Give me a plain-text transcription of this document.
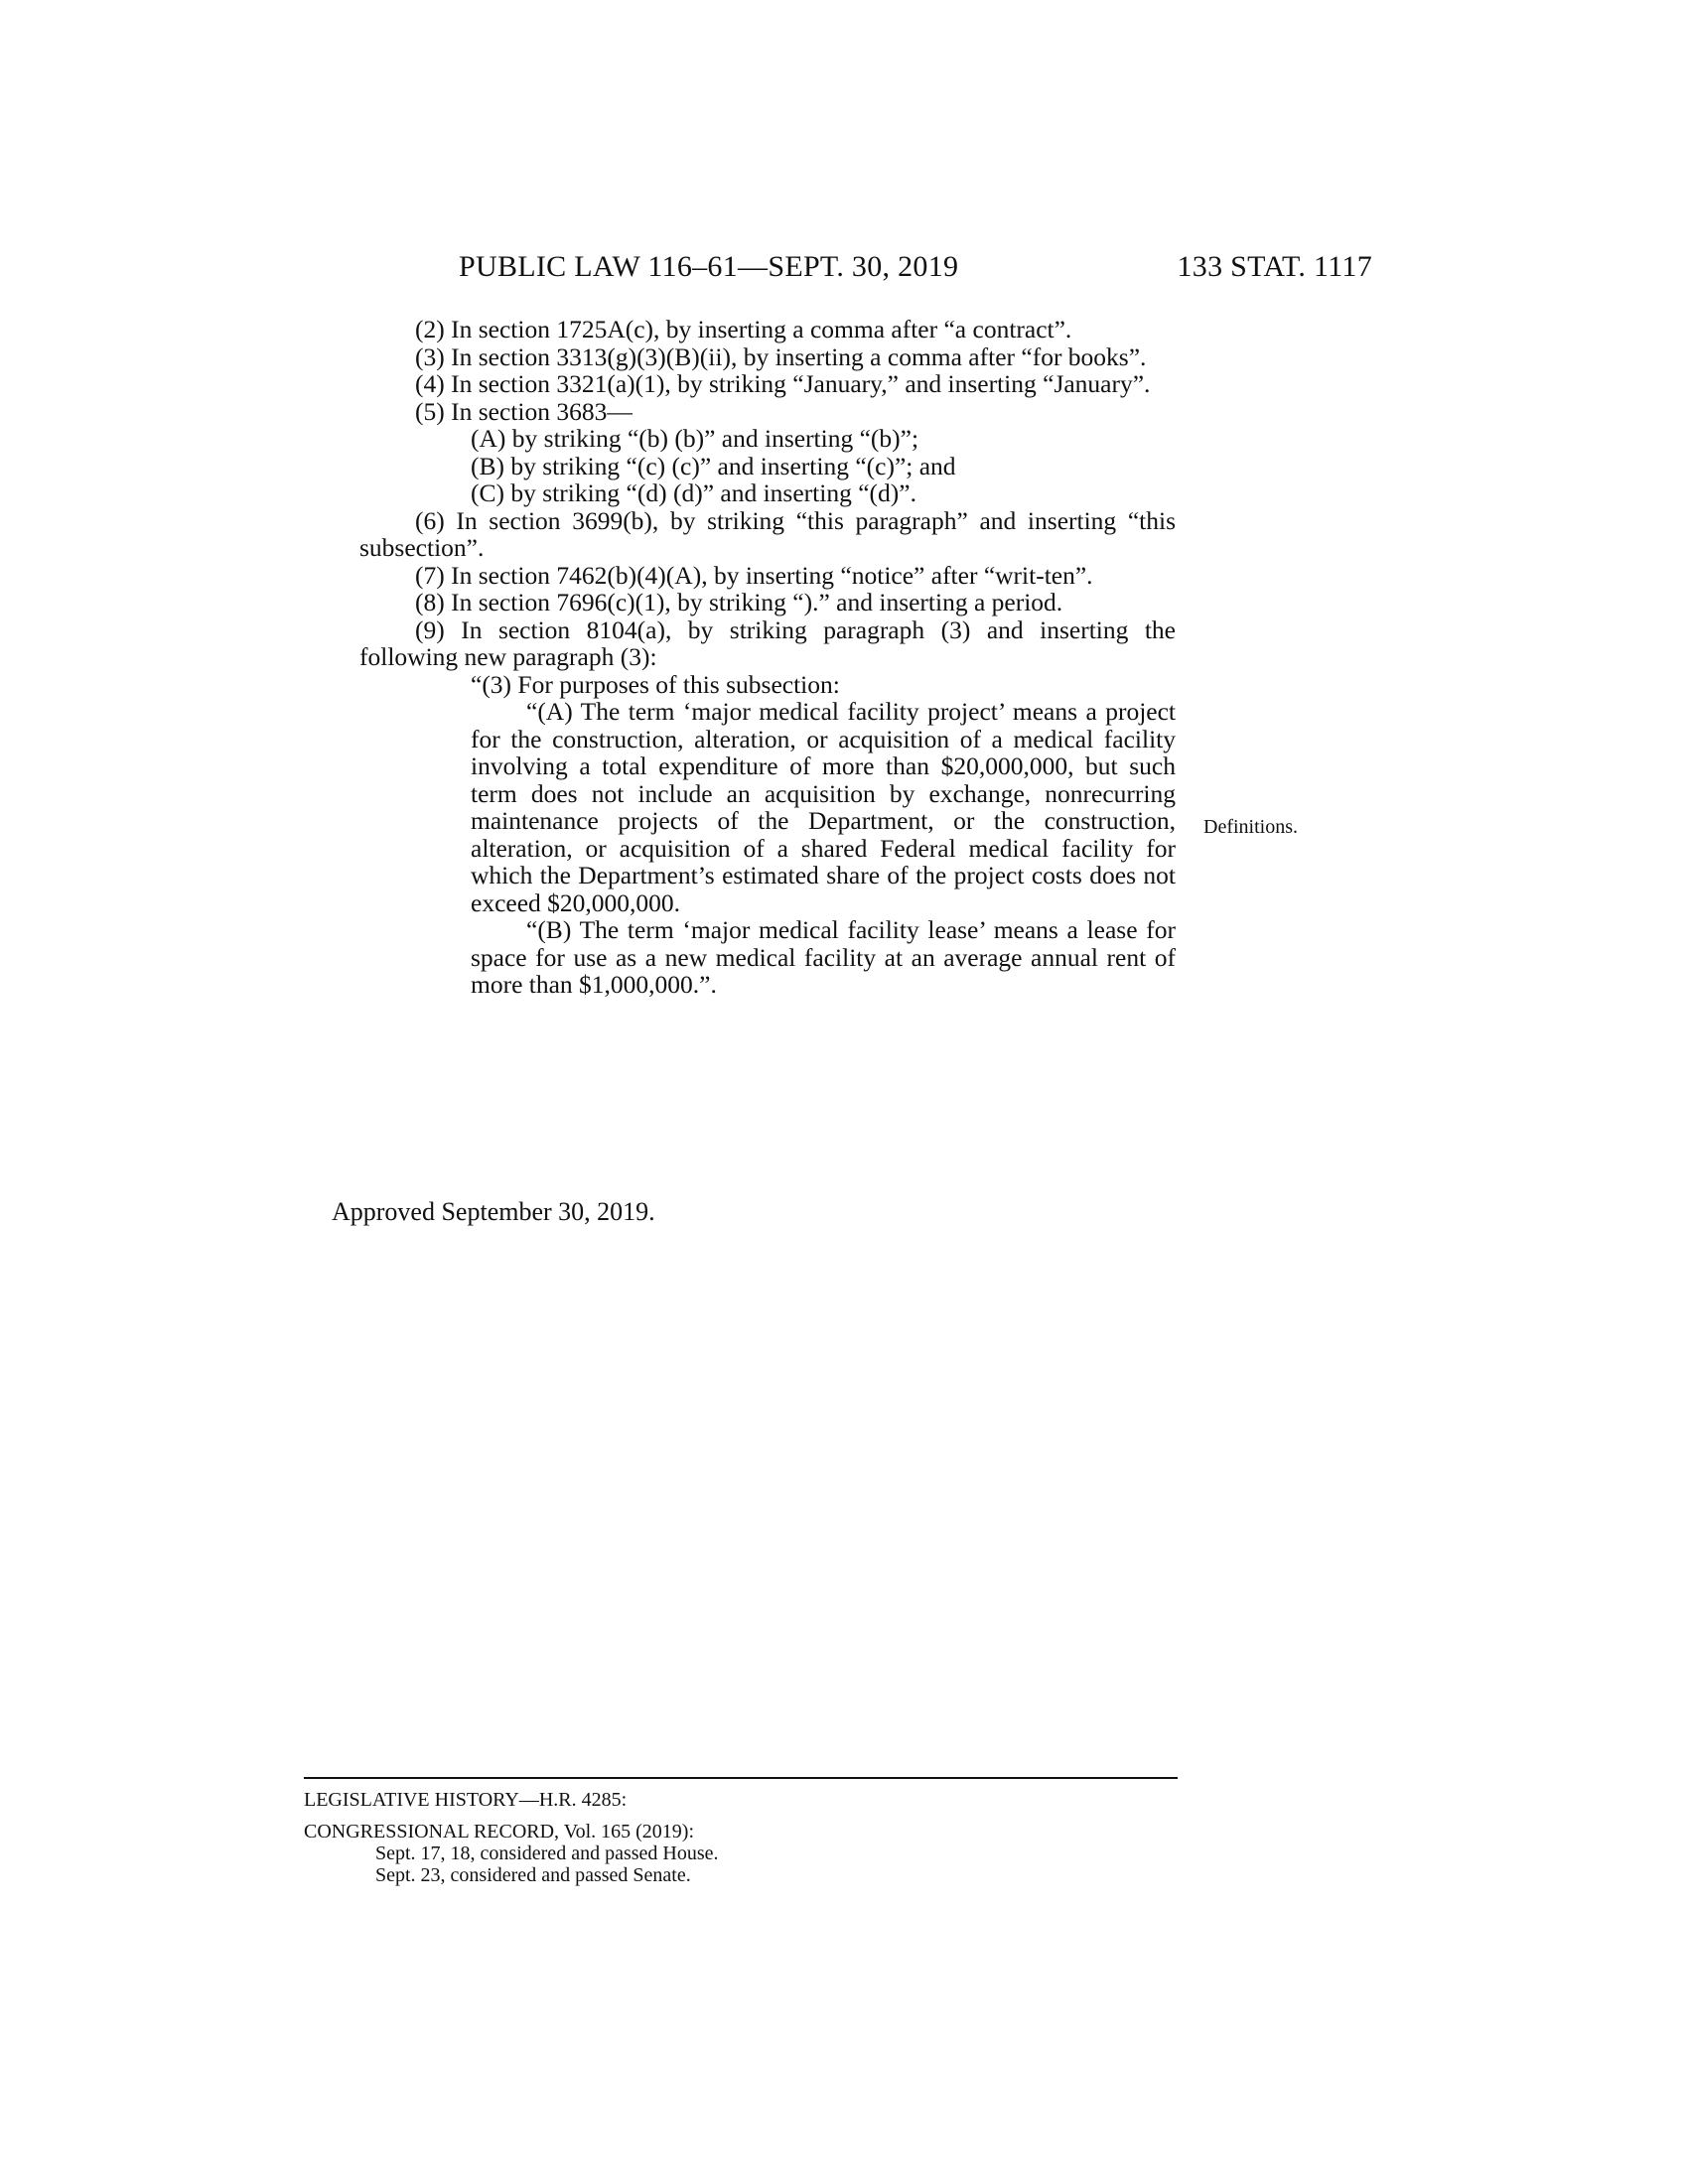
PUBLIC LAW 116–61—SEPT. 30, 2019	133 STAT. 1117

(2) In section 1725A(c), by inserting a comma after “a contract”.

(3) In section 3313(g)(3)(B)(ii), by inserting a comma after “for books”.

(4) In section 3321(a)(1), by striking “January,” and inserting “January”.

(5) In section 3683—

(A) by striking “(b) (b)” and inserting “(b)”;

(B) by striking “(c) (c)” and inserting “(c)”; and

(C) by striking “(d) (d)” and inserting “(d)”.

(6) In section 3699(b), by striking “this paragraph” and inserting “this subsection”.

(7) In section 7462(b)(4)(A), by inserting “notice” after “writ-ten”.

(8) In section 7696(c)(1), by striking “).” and inserting a period.

(9) In section 8104(a), by striking paragraph (3) and inserting the following new paragraph (3):

“(3) For purposes of this subsection:

“(A) The term ‘major medical facility project’ means a project for the construction, alteration, or acquisition of a medical facility involving a total expenditure of more than $20,000,000, but such term does not include an acquisition by exchange, nonrecurring maintenance projects of the Department, or the construction, alteration, or acquisition of a shared Federal medical facility for which the Department’s estimated share of the project costs does not exceed $20,000,000.

“(B) The term ‘major medical facility lease’ means a lease for space for use as a new medical facility at an average annual rent of more than $1,000,000.”.

Definitions.
Approved September 30, 2019.
LEGISLATIVE HISTORY—H.R. 4285:
CONGRESSIONAL RECORD, Vol. 165 (2019):
Sept. 17, 18, considered and passed House.
Sept. 23, considered and passed Senate.
